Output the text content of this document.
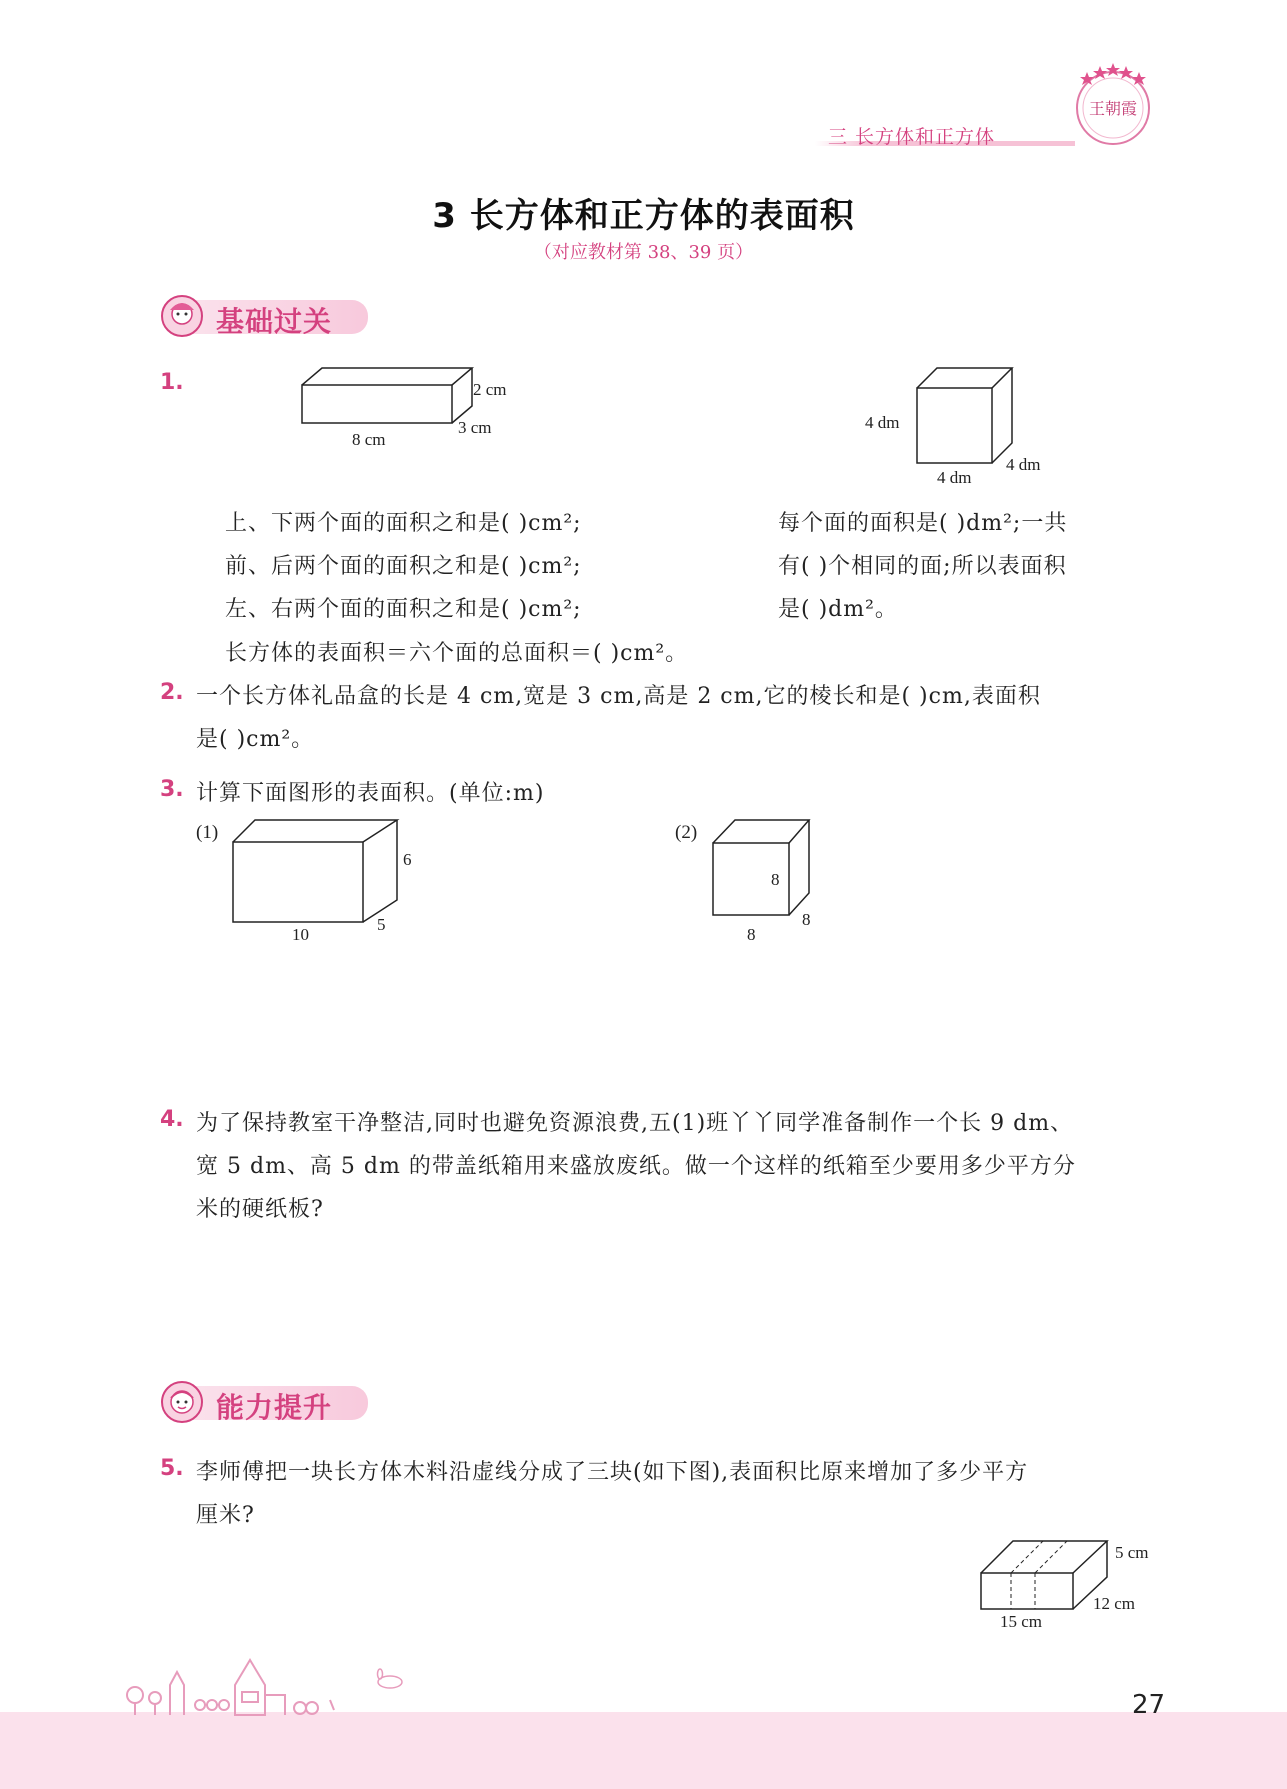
三 长方体和正方体
王朝霞
3 长方体和正方体的表面积
（对应教材第 38、39 页）
基础过关
1.	2 cm
8 cm
3 cm	4 dm
4 dm
4 dm
上、下两个面的面积之和是( )cm²;
前、后两个面的面积之和是( )cm²;
左、右两个面的面积之和是( )cm²;
长方体的表面积＝六个面的总面积＝( )cm²。
每个面的面积是( )dm²;一共
有( )个相同的面;所以表面积
是( )dm²。
2. 一个长方体礼品盒的长是 4 cm,宽是 3 cm,高是 2 cm,它的棱长和是( )cm,表面积
是( )cm²。
3. 计算下面图形的表面积。(单位:m)
(1)
6
10
5
(2)
8
8
8
4. 为了保持教室干净整洁,同时也避免资源浪费,五(1)班丫丫同学准备制作一个长 9 dm、
宽 5 dm、高 5 dm 的带盖纸箱用来盛放废纸。做一个这样的纸箱至少要用多少平方分
米的硬纸板?
能力提升
5. 李师傅把一块长方体木料沿虚线分成了三块(如下图),表面积比原来增加了多少平方
厘米?
5 cm
15 cm
12 cm
27
